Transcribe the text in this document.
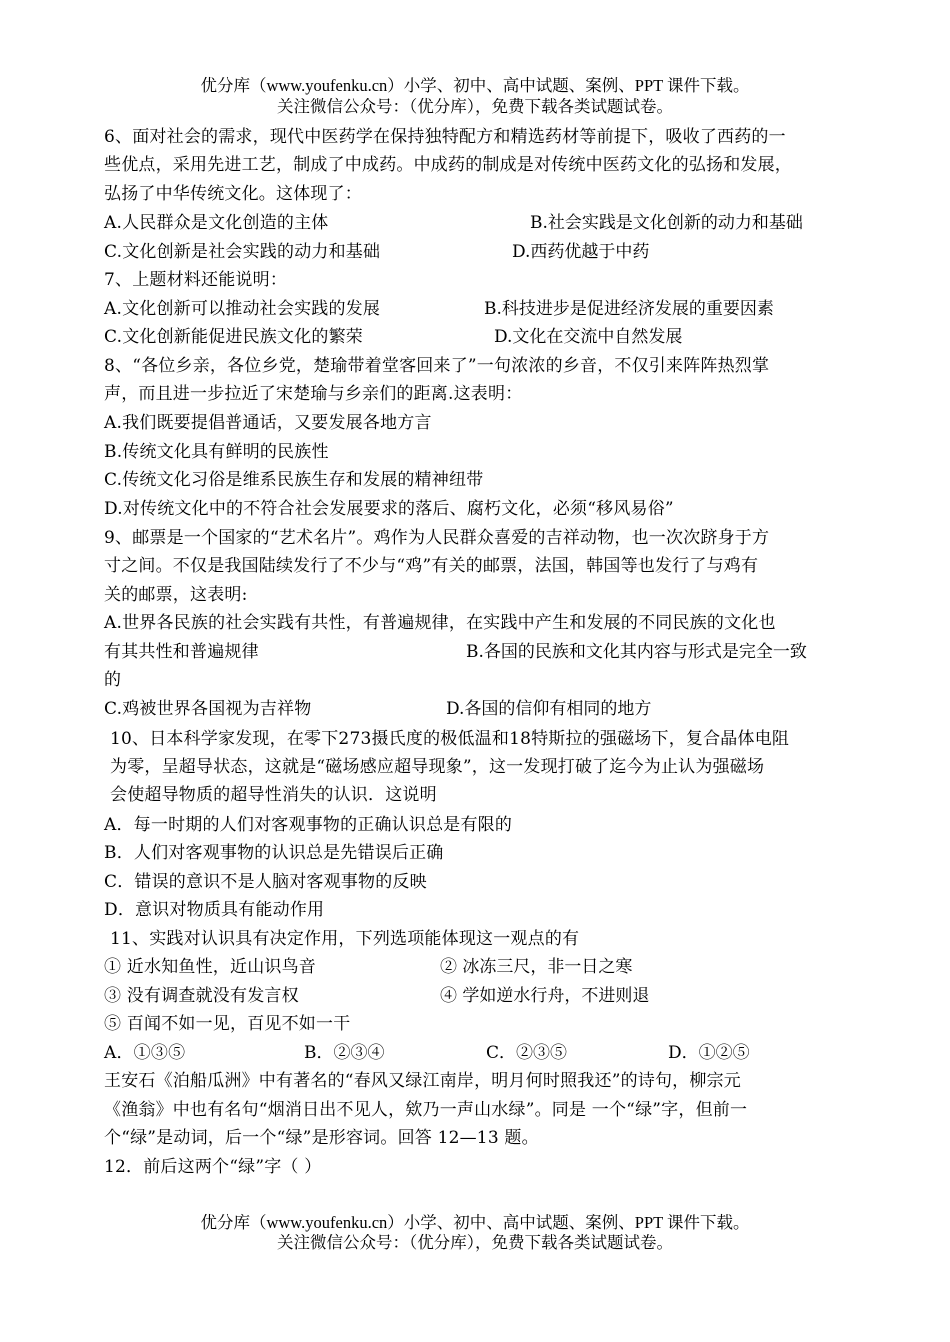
优分库（www.youfenku.cn）小学、初中、高中试题、案例、PPT 课件下载。
关注微信公众号：（优分库），免费下载各类试题试卷。
6、面对社会的需求，现代中医药学在保持独特配方和精选药材等前提下，吸收了西药的一
些优点，采用先进工艺，制成了中成药。中成药的制成是对传统中医药文化的弘扬和发展，
弘扬了中华传统文化。这体现了：
A.人民群众是文化创造的主体	B.社会实践是文化创新的动力和基础
C.文化创新是社会实践的动力和基础	D.西药优越于中药
7、上题材料还能说明：
A.文化创新可以推动社会实践的发展	B.科技进步是促进经济发展的重要因素
C.文化创新能促进民族文化的繁荣	D.文化在交流中自然发展
8、“各位乡亲，各位乡党，楚瑜带着堂客回来了”一句浓浓的乡音，不仅引来阵阵热烈掌
声，而且进一步拉近了宋楚瑜与乡亲们的距离.这表明：
A.我们既要提倡普通话，又要发展各地方言
B.传统文化具有鲜明的民族性
C.传统文化习俗是维系民族生存和发展的精神纽带
D.对传统文化中的不符合社会发展要求的落后、腐朽文化，必须“移风易俗”
9、邮票是一个国家的“艺术名片”。鸡作为人民群众喜爱的吉祥动物，也一次次跻身于方
寸之间。不仅是我国陆续发行了不少与“鸡”有关的邮票，法国，韩国等也发行了与鸡有
关的邮票，这表明:
A.世界各民族的社会实践有共性，有普遍规律，在实践中产生和发展的不同民族的文化也
有其共性和普遍规律	B.各国的民族和文化其内容与形式是完全一致
的
C.鸡被世界各国视为吉祥物	D.各国的信仰有相同的地方
10、日本科学家发现，在零下273摄氏度的极低温和18特斯拉的强磁场下，复合晶体电阻
为零，呈超导状态，这就是“磁场感应超导现象”，这一发现打破了迄今为止认为强磁场
会使超导物质的超导性消失的认识．这说明
A．每一时期的人们对客观事物的正确认识总是有限的
B．人们对客观事物的认识总是先错误后正确
C．错误的意识不是人脑对客观事物的反映
D．意识对物质具有能动作用
11、实践对认识具有决定作用，下列选项能体现这一观点的有
① 近水知鱼性，近山识鸟音	② 冰冻三尺，非一日之寒
③ 没有调查就没有发言权	④ 学如逆水行舟，不进则退
⑤ 百闻不如一见，百见不如一干
A．①③⑤	B．②③④	C．②③⑤	D．①②⑤
王安石《泊船瓜洲》中有著名的“春风又绿江南岸，明月何时照我还”的诗句，柳宗元
《渔翁》中也有名句“烟消日出不见人，欸乃一声山水绿”。同是 一个“绿”字，但前一
个“绿”是动词，后一个“绿”是形容词。回答 12—13 题。
12．前后这两个“绿”字（ ）
优分库（www.youfenku.cn）小学、初中、高中试题、案例、PPT 课件下载。
关注微信公众号：（优分库），免费下载各类试题试卷。
